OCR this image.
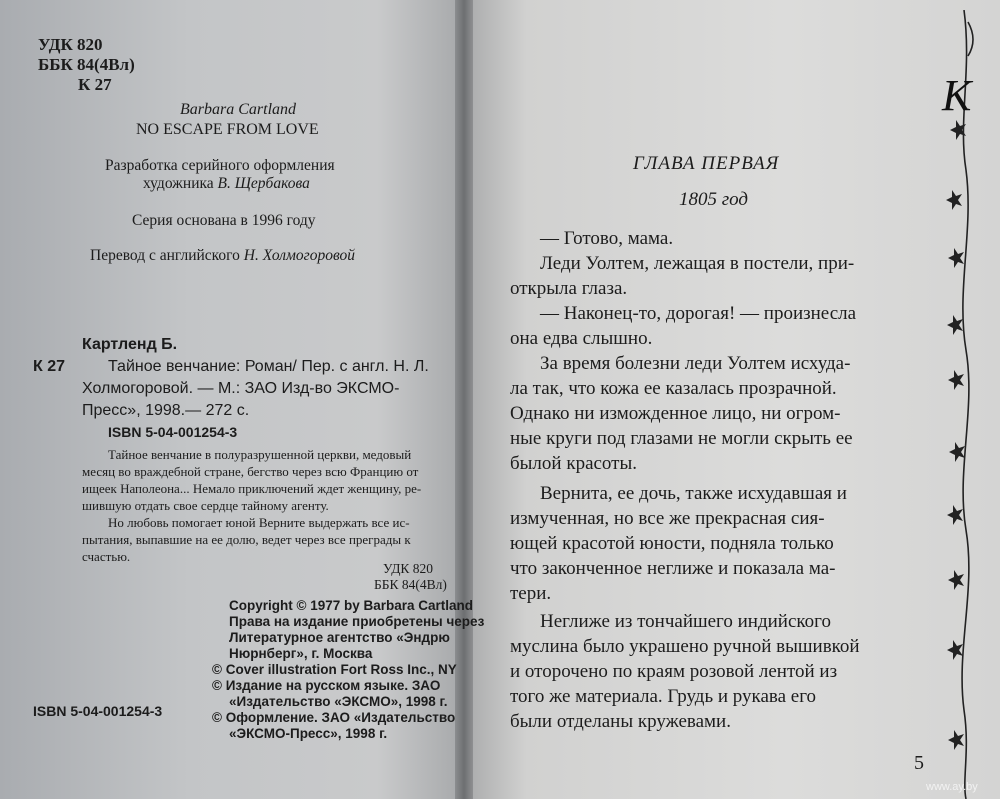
УДК 820
ББК 84(4Вл)
К 27
Barbara Cartland
NO ESCAPE FROM LOVE
Разработка серийного оформления
художника В. Щербакова
Серия основана в 1996 году
Перевод с английского Н. Холмогоровой
Картленд Б.
К 27	Тайное венчание: Роман/ Пер. с англ. Н. Л.
Холмогоровой. — М.: ЗАО Изд-во ЭКСМО-
Пресс», 1998.— 272 с.
ISBN 5-04-001254-3
Тайное венчание в полуразрушенной церкви, медовый
месяц во враждебной стране, бегство через всю Францию от
ищеек Наполеона... Немало приключений ждет женщину, ре-
шившую отдать свое сердце тайному агенту.
Но любовь помогает юной Верните выдержать все ис-
пытания, выпавшие на ее долю, ведет через все преграды к
счастью.
УДК 820
ББК 84(4Вл)
Copyright © 1977 by Barbara Cartland
Права на издание приобретены через
Литературное агентство «Эндрю
Нюрнберг», г. Москва
© Cover illustration Fort Ross Inc., NY
© Издание на русском языке. ЗАО
«Издательство «ЭКСМО», 1998 г.
© Оформление. ЗАО «Издательство
«ЭКСМО-Пресс», 1998 г.
ISBN 5-04-001254-3
ГЛАВА ПЕРВАЯ
1805 год
— Готово, мама.
Леди Уолтем, лежащая в постели, при-
открыла глаза.
— Наконец-то, дорогая! — произнесла
она едва слышно.
За время болезни леди Уолтем исхуда-
ла так, что кожа ее казалась прозрачной.
Однако ни изможденное лицо, ни огром-
ные круги под глазами не могли скрыть ее
былой красоты.
Вернита, ее дочь, также исхудавшая и
измученная, но все же прекрасная сия-
ющей красотой юности, подняла только
что законченное неглиже и показала ма-
тери.
Неглиже из тончайшего индийского
муслина было украшено ручной вышивкой
и оторочено по краям розовой лентой из
того же материала. Грудь и рукава его
были отделаны кружевами.
5
К
www.ay.by
